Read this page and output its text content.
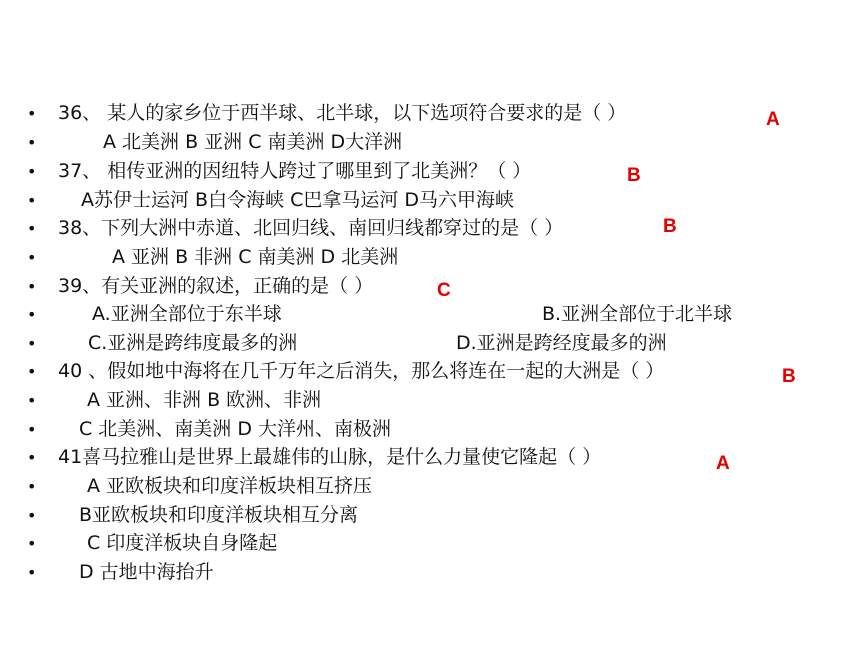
• 36、 某人的家乡位于西半球、北半球，以下选项符合要求的是（ ）	A
•	A 北美洲 B 亚洲 C 南美洲 D大洋洲
• 37、 相传亚洲的因纽特人跨过了哪里到了北美洲？（ ）	B
• A苏伊士运河 B白令海峡 C巴拿马运河 D马六甲海峡
• 38、下列大洲中赤道、北回归线、南回归线都穿过的是（ ）	B
•	A 亚洲 B 非洲 C 南美洲 D 北美洲
• 39、有关亚洲的叙述，正确的是（ ）	C
•	A.亚洲全部位于东半球	B.亚洲全部位于北半球
•	C.亚洲是跨纬度最多的洲	D.亚洲是跨经度最多的洲
• 40 、假如地中海将在几千万年之后消失，那么将连在一起的大洲是（ ）	B
•	A 亚洲、非洲 B 欧洲、非洲
• C 北美洲、南美洲 D 大洋州、南极洲
• 41喜马拉雅山是世界上最雄伟的山脉，是什么力量使它隆起（ ）	A
•	A 亚欧板块和印度洋板块相互挤压
• B亚欧板块和印度洋板块相互分离
•	C 印度洋板块自身隆起
• D 古地中海抬升
